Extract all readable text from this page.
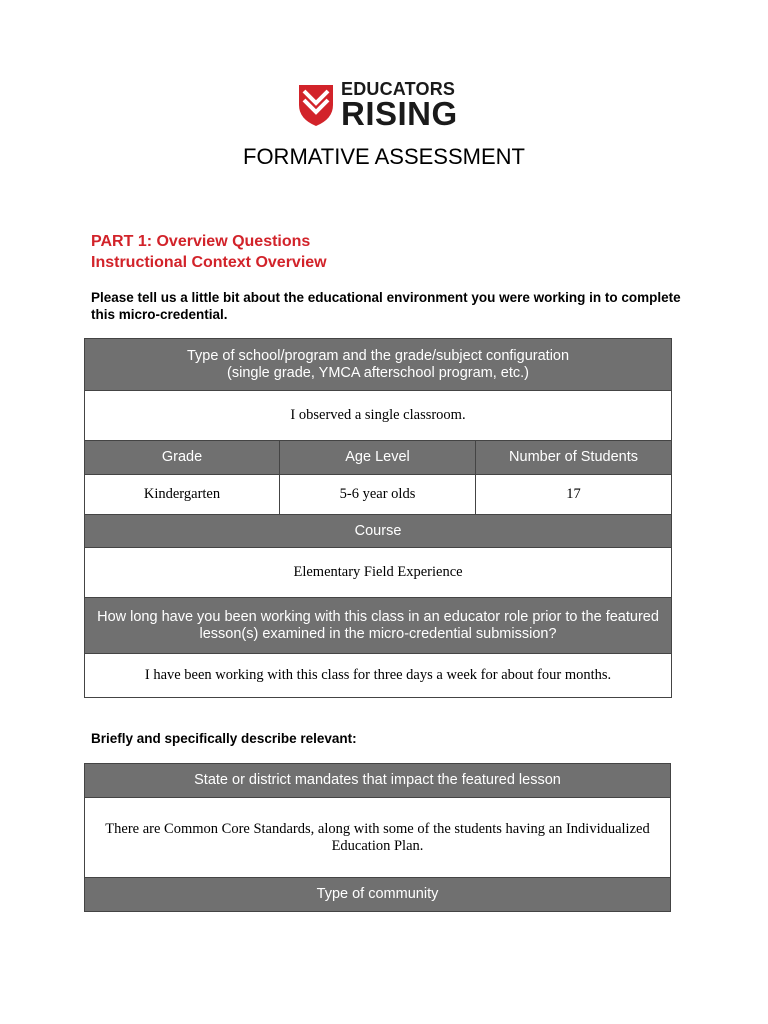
EDUCATORS
RISING
FORMATIVE ASSESSMENT
PART 1: Overview Questions
Instructional Context Overview
Please tell us a little bit about the educational environment you were working in to complete this micro-credential.
Type of school/program and the grade/subject configuration
(single grade, YMCA afterschool program, etc.)		

I observed a single classroom.		
Grade	Age Level	Number of Students
Kindergarten	5-6 year olds	17
Course		
Elementary Field Experience		
How long have you been working with this class in an educator role prior to the featured lesson(s) examined in the micro-credential submission?		
I have been working with this class for three days a week for about four months.		
Briefly and specifically describe relevant:
State or district mandates that impact the featured lesson
There are Common Core Standards, along with some of the students having an Individualized Education Plan.
Type of community
